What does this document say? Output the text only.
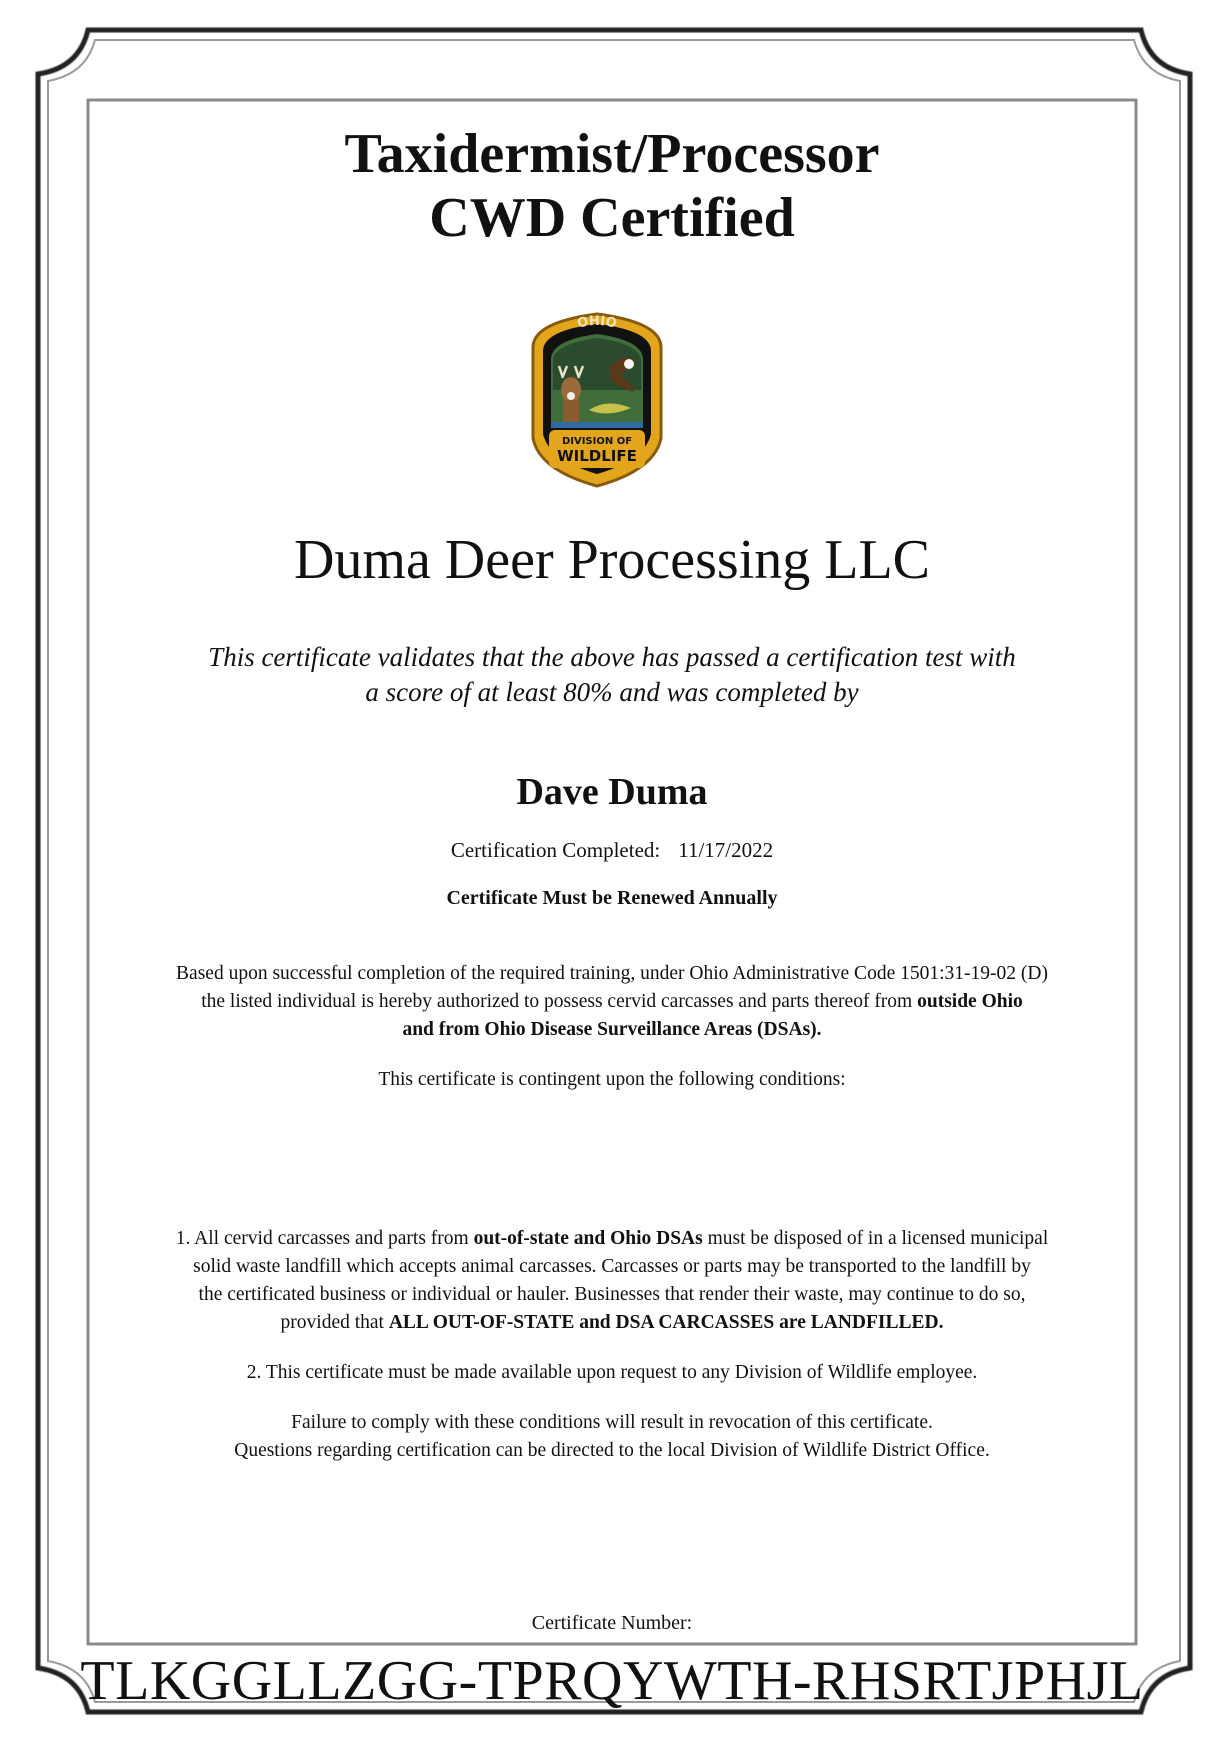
Taxidermist/Processor
CWD Certified
OHIO
DIVISION OF
WILDLIFE
Duma Deer Processing LLC
This certificate validates that the above has passed a certification test with
a score of at least 80% and was completed by
Dave Duma
Certification Completed: 11/17/2022
Certificate Must be Renewed Annually
Based upon successful completion of the required training, under Ohio Administrative Code 1501:31-19-02 (D)
the listed individual is hereby authorized to possess cervid carcasses and parts thereof from outside Ohio
and from Ohio Disease Surveillance Areas (DSAs).
This certificate is contingent upon the following conditions:
1. All cervid carcasses and parts from out-of-state and Ohio DSAs must be disposed of in a licensed municipal
solid waste landfill which accepts animal carcasses. Carcasses or parts may be transported to the landfill by
the certificated business or individual or hauler. Businesses that render their waste, may continue to do so,
provided that ALL OUT-OF-STATE and DSA CARCASSES are LANDFILLED.
2. This certificate must be made available upon request to any Division of Wildlife employee.
Failure to comply with these conditions will result in revocation of this certificate.
Questions regarding certification can be directed to the local Division of Wildlife District Office.
Certificate Number:
TLKGGLLZGG-TPRQYWTH-RHSRTJPHJL
